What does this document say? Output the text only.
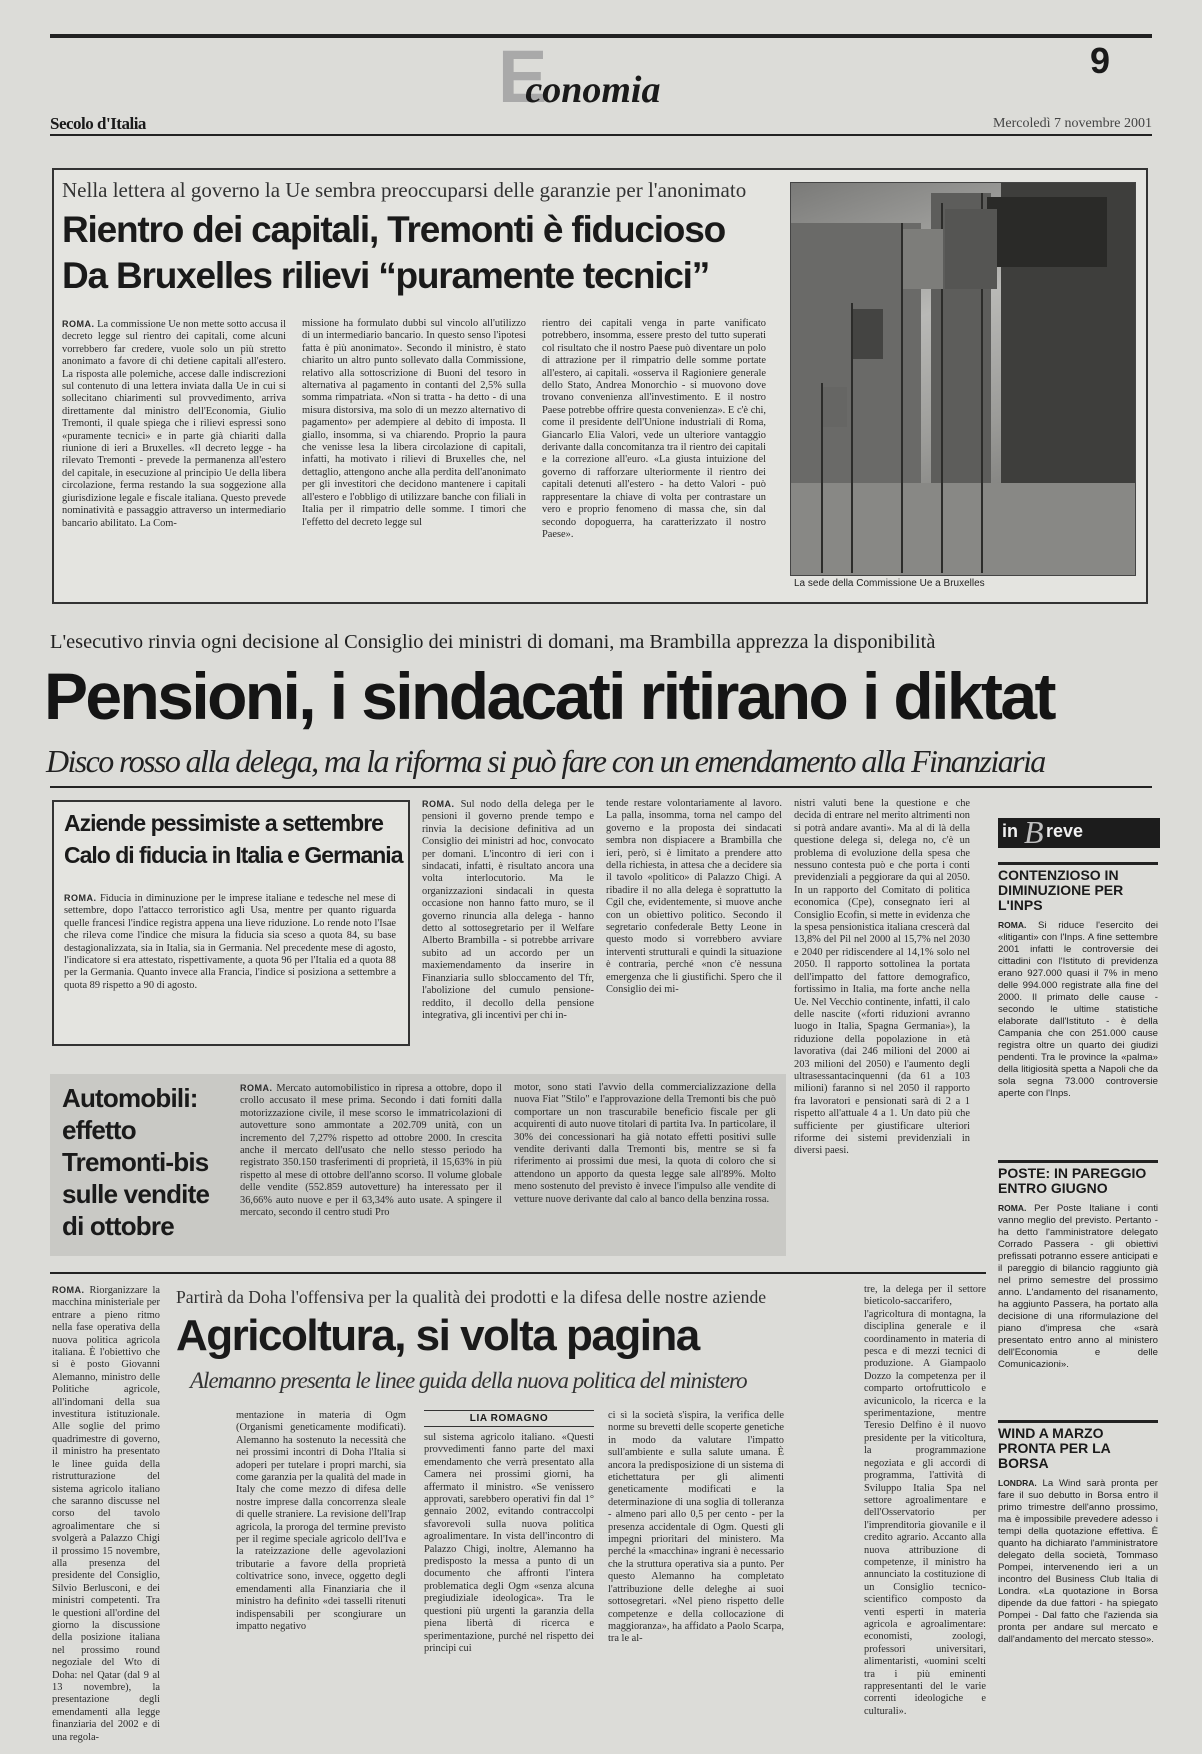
Economia
9
Secolo d'Italia	Mercoledì 7 novembre 2001
Nella lettera al governo la Ue sembra preoccuparsi delle garanzie per l'anonimato
Rientro dei capitali, Tremonti è fiducioso
Da Bruxelles rilievi “puramente tecnici”
ROMA. La commissione Ue non mette sotto accusa il decreto legge sul rientro dei capitali, come alcuni vorrebbero far credere, vuole solo un più stretto anonimato a favore di chi detiene capitali all'estero. La risposta alle polemiche, accese dalle indiscrezioni sul contenuto di una lettera inviata dalla Ue in cui si sollecitano chiarimenti sul provvedimento, arriva direttamente dal ministro dell'Economia, Giulio Tremonti, il quale spiega che i rilievi espressi sono «puramente tecnici» e in parte già chiariti dalla riunione di ieri a Bruxelles. «Il decreto legge - ha rilevato Tremonti - prevede la permanenza all'estero del capitale, in esecuzione al principio Ue della libera circolazione, ferma restando la sua soggezione alla giurisdizione legale e fiscale italiana. Questo prevede nominatività e passaggio attraverso un intermediario bancario abilitato. La Com-
missione ha formulato dubbi sul vincolo all'utilizzo di un intermediario bancario. In questo senso l'ipotesi fatta è più anonimato». Secondo il ministro, è stato chiarito un altro punto sollevato dalla Commissione, relativo alla sottoscrizione di Buoni del tesoro in alternativa al pagamento in contanti del 2,5% sulla somma rimpatriata. «Non si tratta - ha detto - di una misura distorsiva, ma solo di un mezzo alternativo di pagamento» per adempiere al debito di imposta. Il giallo, insomma, si va chiarendo. Proprio la paura che venisse lesa la libera circolazione di capitali, infatti, ha motivato i rilievi di Bruxelles che, nel dettaglio, attengono anche alla perdita dell'anonimato per gli investitori che decidono mantenere i capitali all'estero e l'obbligo di utilizzare banche con filiali in Italia per il rimpatrio delle somme. I timori che l'effetto del decreto legge sul
rientro dei capitali venga in parte vanificato potrebbero, insomma, essere presto del tutto superati col risultato che il nostro Paese può diventare un polo di attrazione per il rimpatrio delle somme portate all'estero, ai capitali. «osserva il Ragioniere generale dello Stato, Andrea Monorchio - si muovono dove trovano convenienza all'investimento. E il nostro Paese potrebbe offrire questa convenienza». E c'è chi, come il presidente dell'Unione industriali di Roma, Giancarlo Elia Valori, vede un ulteriore vantaggio derivante dalla concomitanza tra il rientro dei capitali e la correzione all'euro. «La giusta intuizione del governo di rafforzare ulteriormente il rientro dei capitali detenuti all'estero - ha detto Valori - può rappresentare la chiave di volta per contrastare un vero e proprio fenomeno di massa che, sin dal secondo dopoguerra, ha caratterizzato il nostro Paese».
La sede della Commissione Ue a Bruxelles
L'esecutivo rinvia ogni decisione al Consiglio dei ministri di domani, ma Brambilla apprezza la disponibilità
Pensioni, i sindacati ritirano i diktat
Disco rosso alla delega, ma la riforma si può fare con un emendamento alla Finanziaria
ROMA. Sul nodo della delega per le pensioni il governo prende tempo e rinvia la decisione definitiva ad un Consiglio dei ministri ad hoc, convocato per domani. L'incontro di ieri con i sindacati, infatti, è risultato ancora una volta interlocutorio. Ma le organizzazioni sindacali in questa occasione non hanno fatto muro, se il governo rinuncia alla delega - hanno detto al sottosegretario per il Welfare Alberto Brambilla - si potrebbe arrivare subito ad un accordo per un maxiemendamento da inserire in Finanziaria sullo sbloccamento del Tfr, l'abolizione del cumulo pensione-reddito, il decollo della pensione integrativa, gli incentivi per chi in-
tende restare volontariamente al lavoro. La palla, insomma, torna nel campo del governo e la proposta dei sindacati sembra non dispiacere a Brambilla che ieri, però, si è limitato a prendere atto della richiesta, in attesa che a decidere sia il tavolo «politico» di Palazzo Chigi. A ribadire il no alla delega è soprattutto la Cgil che, evidentemente, si muove anche con un obiettivo politico. Secondo il segretario confederale Betty Leone in questo modo si vorrebbero avviare interventi strutturali e quindi la situazione è contraria, perché «non c'è nessuna emergenza che li giustifichi. Spero che il Consiglio dei mi-
nistri valuti bene la questione e che decida di entrare nel merito altrimenti non si potrà andare avanti». Ma al di là della questione delega si, delega no, c'è un problema di evoluzione della spesa che nessuno contesta può e che porta i conti previdenziali a peggiorare da qui al 2050. In un rapporto del Comitato di politica economica (Cpe), consegnato ieri al Consiglio Ecofin, si mette in evidenza che la spesa pensionistica italiana crescerà dal 13,8% del Pil nel 2000 al 15,7% nel 2030 e 2040 per ridiscendere al 14,1% solo nel 2050. Il rapporto sottolinea la portata dell'impatto del fattore demografico, fortissimo in Italia, ma forte anche nella Ue. Nel Vecchio continente, infatti, il calo delle nascite («forti riduzioni avranno luogo in Italia, Spagna Germania»), la riduzione della popolazione in età lavorativa (dai 246 milioni del 2000 ai 203 milioni del 2050) e l'aumento degli ultrasessantacinquenni (da 61 a 103 milioni) faranno sì nel 2050 il rapporto fra lavoratori e pensionati sarà di 2 a 1 rispetto all'attuale 4 a 1. Un dato più che sufficiente per giustificare ulteriori riforme dei sistemi previdenziali in diversi paesi.
Aziende pessimiste a settembre
Calo di fiducia in Italia e Germania
ROMA. Fiducia in diminuzione per le imprese italiane e tedesche nel mese di settembre, dopo l'attacco terroristico agli Usa, mentre per quanto riguarda quelle francesi l'indice registra appena una lieve riduzione. Lo rende noto l'Isae che rileva come l'indice che misura la fiducia sia sceso a quota 84, su base destagionalizzata, sia in Italia, sia in Germania. Nel precedente mese di agosto, l'indicatore si era attestato, rispettivamente, a quota 96 per l'Italia ed a quota 88 per la Germania. Quanto invece alla Francia, l'indice si posiziona a settembre a quota 89 rispetto a 90 di agosto.
Automobili: effetto Tremonti-bis sulle vendite di ottobre
ROMA. Mercato automobilistico in ripresa a ottobre, dopo il crollo accusato il mese prima. Secondo i dati forniti dalla motorizzazione civile, il mese scorso le immatricolazioni di autovetture sono ammontate a 202.709 unità, con un incremento del 7,27% rispetto ad ottobre 2000. In crescita anche il mercato dell'usato che nello stesso periodo ha registrato 350.150 trasferimenti di proprietà, il 15,63% in più rispetto al mese di ottobre dell'anno scorso. Il volume globale delle vendite (552.859 autovetture) ha interessato per il 36,66% auto nuove e per il 63,34% auto usate. A spingere il mercato, secondo il centro studi Pro
motor, sono stati l'avvio della commercializzazione della nuova Fiat "Stilo" e l'approvazione della Tremonti bis che può comportare un non trascurabile beneficio fiscale per gli acquirenti di auto nuove titolari di partita Iva. In particolare, il 30% dei concessionari ha già notato effetti positivi sulle vendite derivanti dalla Tremonti bis, mentre se si fa riferimento ai prossimi due mesi, la quota di coloro che si attendono un apporto da questa legge sale all'89%. Molto meno sostenuto del previsto è invece l'impulso alle vendite di vetture nuove derivante dal calo al banco della benzina rossa.
in B reve
CONTENZIOSO IN DIMINUZIONE PER L'INPS
ROMA. Si riduce l'esercito dei «litiganti» con l'Inps. A fine settembre 2001 infatti le controversie dei cittadini con l'Istituto di previdenza erano 927.000 quasi il 7% in meno delle 994.000 registrate alla fine del 2000. Il primato delle cause - secondo le ultime statistiche elaborate dall'Istituto - è della Campania che con 251.000 cause registra oltre un quarto dei giudizi pendenti. Tra le province la «palma» della litigiosità spetta a Napoli che da sola segna 73.000 controversie aperte con l'Inps.
POSTE: IN PAREGGIO ENTRO GIUGNO
ROMA. Per Poste Italiane i conti vanno meglio del previsto. Pertanto - ha detto l'amministratore delegato Corrado Passera - gli obiettivi prefissati potranno essere anticipati e il pareggio di bilancio raggiunto già nel primo semestre del prossimo anno. L'andamento del risanamento, ha aggiunto Passera, ha portato alla decisione di una riformulazione del piano d'impresa che «sarà presentato entro anno al ministero dell'Economia e delle Comunicazioni».
WIND A MARZO PRONTA PER LA BORSA
LONDRA. La Wind sarà pronta per fare il suo debutto in Borsa entro il primo trimestre dell'anno prossimo, ma è impossibile prevedere adesso i tempi della quotazione effettiva. È quanto ha dichiarato l'amministratore delegato della società, Tommaso Pompei, intervenendo ieri a un incontro del Business Club Italia di Londra. «La quotazione in Borsa dipende da due fattori - ha spiegato Pompei - Dal fatto che l'azienda sia pronta per andare sul mercato e dall'andamento del mercato stesso».
ROMA. Riorganizzare la macchina ministeriale per entrare a pieno ritmo nella fase operativa della nuova politica agricola italiana. È l'obiettivo che si è posto Giovanni Alemanno, ministro delle Politiche agricole, all'indomani della sua investitura istituzionale. Alle soglie del primo quadrimestre di governo, il ministro ha presentato le linee guida della ristrutturazione del sistema agricolo italiano che saranno discusse nel corso del tavolo agroalimentare che si svolgerà a Palazzo Chigi il prossimo 15 novembre, alla presenza del presidente del Consiglio, Silvio Berlusconi, e dei ministri competenti. Tra le questioni all'ordine del giorno la discussione della posizione italiana nel prossimo round negoziale del Wto di Doha: nel Qatar (dal 9 al 13 novembre), la presentazione degli emendamenti alla legge finanziaria del 2002 e di una regola-
Partirà da Doha l'offensiva per la qualità dei prodotti e la difesa delle nostre aziende
Agricoltura, si volta pagina
Alemanno presenta le linee guida della nuova politica del ministero
mentazione in materia di Ogm (Organismi geneticamente modificati). Alemanno ha sostenuto la necessità che nei prossimi incontri di Doha l'Italia si adoperi per tutelare i propri marchi, sia come garanzia per la qualità del made in Italy che come mezzo di difesa delle nostre imprese dalla concorrenza sleale di quelle straniere. La revisione dell'Irap agricola, la proroga del termine previsto per il regime speciale agricolo dell'Iva e la rateizzazione delle agevolazioni tributarie a favore della proprietà coltivatrice sono, invece, oggetto degli emendamenti alla Finanziaria che il ministro ha definito «dei tasselli ritenuti indispensabili per scongiurare un impatto negativo
LIA ROMAGNO
sul sistema agricolo italiano. «Questi provvedimenti fanno parte del maxi emendamento che verrà presentato alla Camera nei prossimi giorni, ha affermato il ministro. «Se venissero approvati, sarebbero operativi fin dal 1° gennaio 2002, evitando contraccolpi sfavorevoli sulla nuova politica agroalimentare. In vista dell'incontro di Palazzo Chigi, inoltre, Alemanno ha predisposto la messa a punto di un documento che affronti l'intera problematica degli Ogm «senza alcuna pregiudiziale ideologica». Tra le questioni più urgenti la garanzia della piena libertà di ricerca e sperimentazione, purché nel rispetto dei principi cui
ci sì la società s'ispira, la verifica delle norme su brevetti delle scoperte genetiche in modo da valutare l'impatto sull'ambiente e sulla salute umana. È ancora la predisposizione di un sistema di etichettatura per gli alimenti geneticamente modificati e la determinazione di una soglia di tolleranza - almeno pari allo 0,5 per cento - per la presenza accidentale di Ogm. Questi gli impegni prioritari del ministero. Ma perché la «macchina» ingrani è necessario che la struttura operativa sia a punto. Per questo Alemanno ha completato l'attribuzione delle deleghe ai suoi sottosegretari. «Nel pieno rispetto delle competenze e della collocazione di maggioranza», ha affidato a Paolo Scarpa, tra le al-
tre, la delega per il settore bieticolo-saccarifero, l'agricoltura di montagna, la disciplina generale e il coordinamento in materia di pesca e di mezzi tecnici di produzione. A Giampaolo Dozzo la competenza per il comparto ortofrutticolo e avicunicolo, la ricerca e la sperimentazione, mentre Teresio Delfino è il nuovo presidente per la viticoltura, la programmazione negoziata e gli accordi di programma, l'attività di Sviluppo Italia Spa nel settore agroalimentare e dell'Osservatorio per l'imprenditoria giovanile e il credito agrario. Accanto alla nuova attribuzione di competenze, il ministro ha annunciato la costituzione di un Consiglio tecnico-scientifico composto da venti esperti in materia agricola e agroalimentare: economisti, zoologi, professori universitari, alimentaristi, «uomini scelti tra i più eminenti rappresentanti del le varie correnti ideologiche e culturali».
